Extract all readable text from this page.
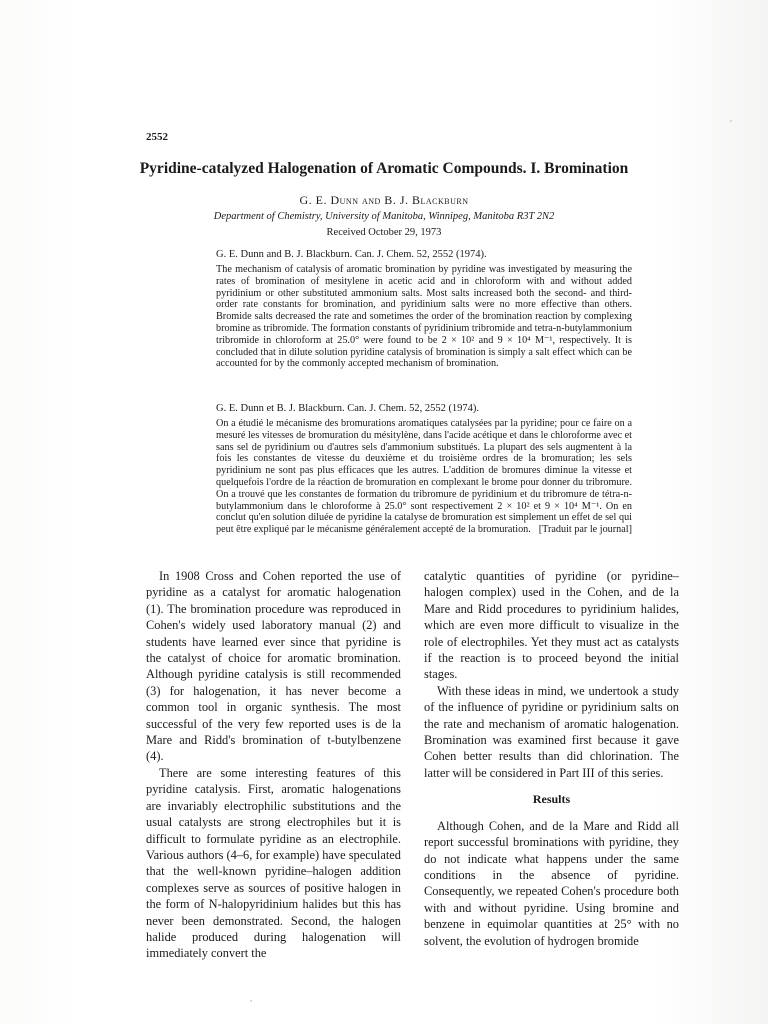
2552
Pyridine-catalyzed Halogenation of Aromatic Compounds. I. Bromination
G. E. Dunn and B. J. Blackburn
Department of Chemistry, University of Manitoba, Winnipeg, Manitoba R3T 2N2
Received October 29, 1973
G. E. Dunn and B. J. Blackburn. Can. J. Chem. 52, 2552 (1974).

The mechanism of catalysis of aromatic bromination by pyridine was investigated by measuring the rates of bromination of mesitylene in acetic acid and in chloroform with and without added pyridinium or other substituted ammonium salts. Most salts increased both the second- and third-order rate constants for bromination, and pyridinium salts were no more effective than others. Bromide salts decreased the rate and sometimes the order of the bromination reaction by complexing bromine as tribromide. The formation constants of pyridinium tribromide and tetra-n-butylammonium tribromide in chloroform at 25.0° were found to be 2 × 10² and 9 × 10⁴ M⁻¹, respectively. It is concluded that in dilute solution pyridine catalysis of bromination is simply a salt effect which can be accounted for by the commonly accepted mechanism of bromination.

G. E. Dunn et B. J. Blackburn. Can. J. Chem. 52, 2552 (1974).
On a étudié le mécanisme des bromurations aromatiques catalysées par la pyridine; pour ce faire on a mesuré les vitesses de bromuration du mésitylène, dans l'acide acétique et dans le chloroforme avec et sans sel de pyridinium ou d'autres sels d'ammonium substitués. La plupart des sels augmentent à la fois les constantes de vitesse du deuxième et du troisième ordres de la bromuration; les sels pyridinium ne sont pas plus efficaces que les autres. L'addition de bromures diminue la vitesse et quelquefois l'ordre de la réaction de bromuration en complexant le brome pour donner du tribromure. On a trouvé que les constantes de formation du tribromure de pyridinium et du tribromure de tétra-n-butylammonium dans le chloroforme à 25.0° sont respectivement 2 × 10² et 9 × 10⁴ M⁻¹. On en conclut qu'en solution diluée de pyridine la catalyse de bromuration est simplement un effet de sel qui peut être expliqué par le mécanisme généralement accepté de la bromuration. [Traduit par le journal]

In 1908 Cross and Cohen reported the use of pyridine as a catalyst for aromatic halogenation (1). The bromination procedure was reproduced in Cohen's widely used laboratory manual (2) and students have learned ever since that pyridine is the catalyst of choice for aromatic bromination. Although pyridine catalysis is still recommended (3) for halogenation, it has never become a common tool in organic synthesis. The most successful of the very few reported uses is de la Mare and Ridd's bromination of t-butylbenzene (4).

There are some interesting features of this pyridine catalysis. First, aromatic halogenations are invariably electrophilic substitutions and the usual catalysts are strong electrophiles but it is difficult to formulate pyridine as an electrophile. Various authors (4–6, for example) have speculated that the well-known pyridine–halogen addition complexes serve as sources of positive halogen in the form of N-halopyridinium halides but this has never been demonstrated. Second, the halogen halide produced during halogenation will immediately convert the

catalytic quantities of pyridine (or pyridine–halogen complex) used in the Cohen, and de la Mare and Ridd procedures to pyridinium halides, which are even more difficult to visualize in the role of electrophiles. Yet they must act as catalysts if the reaction is to proceed beyond the initial stages.

With these ideas in mind, we undertook a study of the influence of pyridine or pyridinium salts on the rate and mechanism of aromatic halogenation. Bromination was examined first because it gave Cohen better results than did chlorination. The latter will be considered in Part III of this series.

Results

Although Cohen, and de la Mare and Ridd all report successful brominations with pyridine, they do not indicate what happens under the same conditions in the absence of pyridine. Consequently, we repeated Cohen's procedure both with and without pyridine. Using bromine and benzene in equimolar quantities at 25° with no solvent, the evolution of hydrogen bromide
